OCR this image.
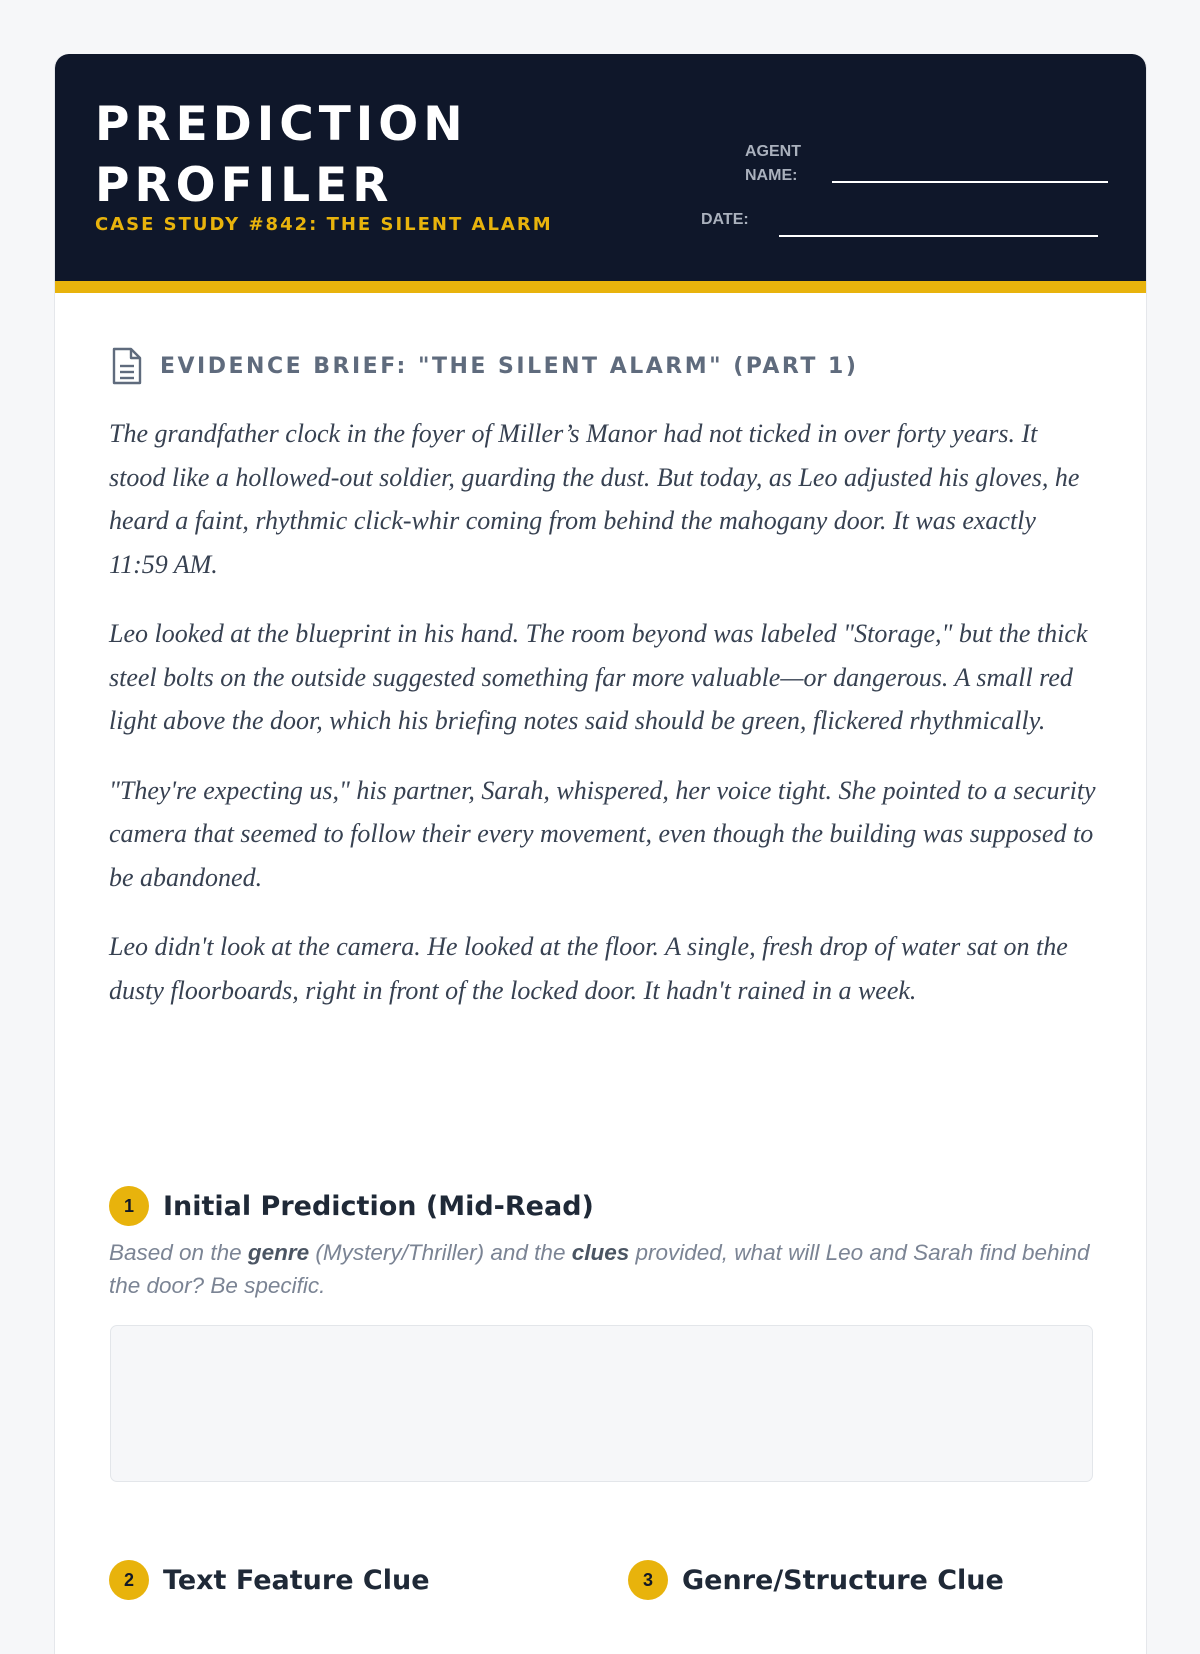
PREDICTION
PROFILER
CASE STUDY #842: THE SILENT ALARM
AGENT
NAME:
DATE:
EVIDENCE BRIEF: "THE SILENT ALARM" (PART 1)

The grandfather clock in the foyer of Miller’s Manor had not ticked in over forty years. It stood like a hollowed-out soldier, guarding the dust. But today, as Leo adjusted his gloves, he heard a faint, rhythmic click-whir coming from behind the mahogany door. It was exactly 11:59 AM.

Leo looked at the blueprint in his hand. The room beyond was labeled "Storage," but the thick steel bolts on the outside suggested something far more valuable—or dangerous. A small red light above the door, which his briefing notes said should be green, flickered rhythmically.

"They're expecting us," his partner, Sarah, whispered, her voice tight. She pointed to a security camera that seemed to follow their every movement, even though the building was supposed to be abandoned.

Leo didn't look at the camera. He looked at the floor. A single, fresh drop of water sat on the dusty floorboards, right in front of the locked door. It hadn't rained in a week.

1	Initial Prediction (Mid-Read)
Based on the genre (Mystery/Thriller) and the clues provided, what will Leo and Sarah find behind the door? Be specific.
2	Text Feature Clue	3	Genre/Structure Clue
